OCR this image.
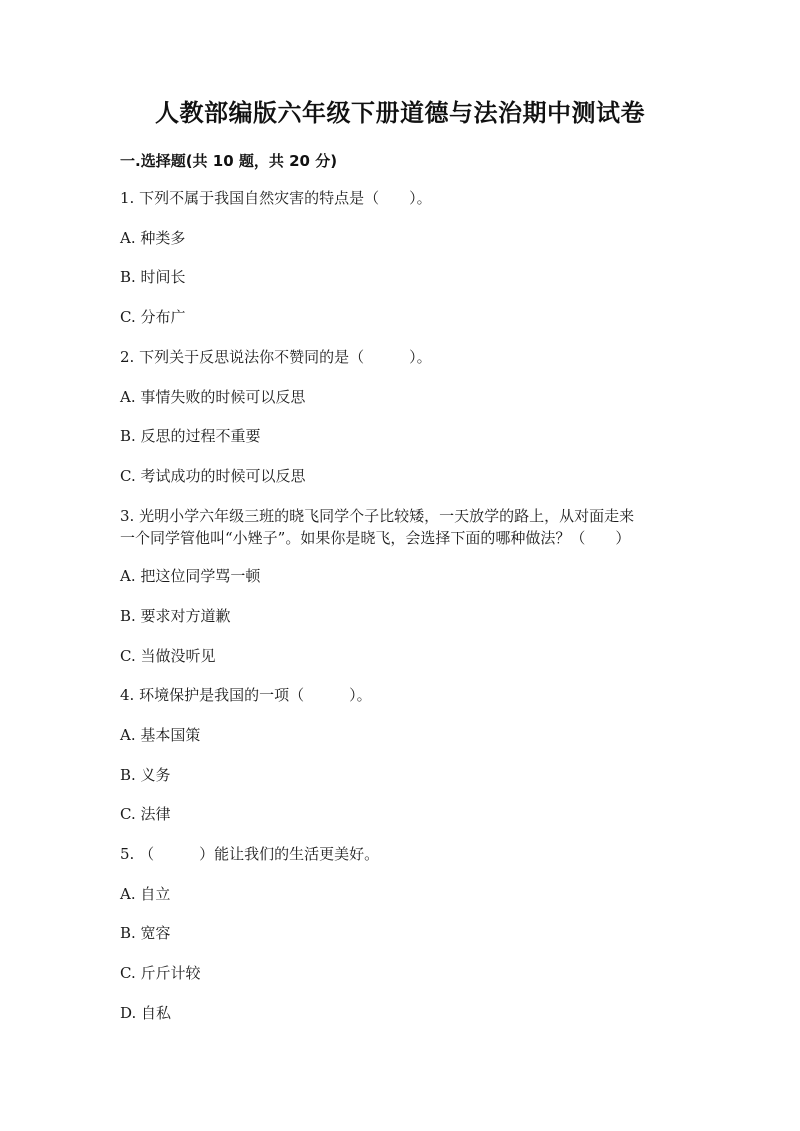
人教部编版六年级下册道德与法治期中测试卷
一.选择题(共 10 题，共 20 分)
1. 下列不属于我国自然灾害的特点是（　　）。
A. 种类多
B. 时间长
C. 分布广
2. 下列关于反思说法你不赞同的是（　　　）。
A. 事情失败的时候可以反思
B. 反思的过程不重要
C. 考试成功的时候可以反思
3. 光明小学六年级三班的晓飞同学个子比较矮，一天放学的路上，从对面走来
一个同学管他叫“小矬子”。如果你是晓飞，会选择下面的哪种做法？（　　）
A. 把这位同学骂一顿
B. 要求对方道歉
C. 当做没听见
4. 环境保护是我国的一项（　　　）。
A. 基本国策
B. 义务
C. 法律
5. （　　　）能让我们的生活更美好。
A. 自立
B. 宽容
C. 斤斤计较
D. 自私
